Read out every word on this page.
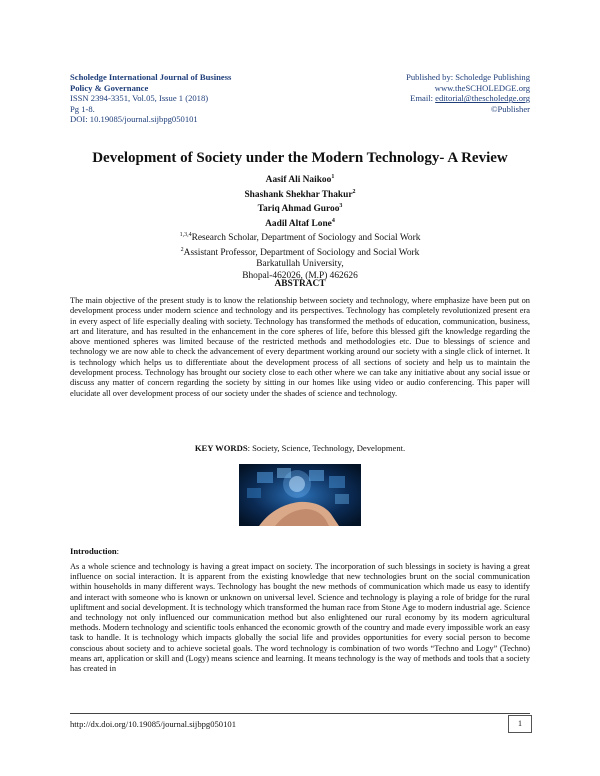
Scholedge International Journal of Business
Policy & Governance
ISSN 2394-3351, Vol.05, Issue 1 (2018)
Pg 1-8.
DOI: 10.19085/journal.sijbpg050101
Published by: Scholedge Publishing
www.theSCHOLEDGE.org
Email: editorial@thescholedge.org
©Publisher
Development of Society under the Modern Technology- A Review
Aasif Ali Naikoo$^1$
Shashank Shekhar Thakur$^2$
Tariq Ahmad Guroo$^3$
Aadil Altaf Lone$^4$
$^{1,3,4}$Research Scholar, Department of Sociology and Social Work
$^2$Assistant Professor, Department of Sociology and Social Work
Barkatullah University,
Bhopal-462026, (M.P) 462626
ABSTRACT
The main objective of the present study is to know the relationship between society and technology, where emphasize have been put on development process under modern science and technology and its perspectives. Technology has completely revolutionized present era in every aspect of life especially dealing with society. Technology has transformed the methods of education, communication, business, art and literature, and has resulted in the enhancement in the core spheres of life, before this blessed gift the knowledge regarding the above mentioned spheres was limited because of the restricted methods and methodologies etc. Due to blessings of science and technology we are now able to check the advancement of every department working around our society with a single click of internet. It is technology which helps us to differentiate about the development process of all sections of society and help us to maintain the development process. Technology has brought our society close to each other where we can take any initiative about any social issue or discuss any matter of concern regarding the society by sitting in our homes like using video or audio conferencing. This paper will elucidate all over development process of our society under the shades of science and technology.
KEY WORDS: Society, Science, Technology, Development.
Introduction:
As a whole science and technology is having a great impact on society. The incorporation of such blessings in society is having a great influence on social interaction. It is apparent from the existing knowledge that new technologies brunt on the social communication within households in many different ways. Technology has bought the new methods of communication which made us easy to identify and interact with someone who is known or unknown on universal level. Science and technology is playing a role of bridge for the rural upliftment and social development. It is technology which transformed the human race from Stone Age to modern industrial age. Science and technology not only influenced our communication method but also enlightened our rural economy by its modern agricultural methods. Modern technology and scientific tools enhanced the economic growth of the country and made every impossible work an easy task to handle. It is technology which impacts globally the social life and provides opportunities for every social person to become conscious about society and to achieve societal goals. The word technology is combination of two words “Techno and Logy” (Techno) means art, application or skill and (Logy) means science and learning. It means technology is the way of methods and tools that a society has created in
http://dx.doi.org/10.19085/journal.sijbpg050101	1
